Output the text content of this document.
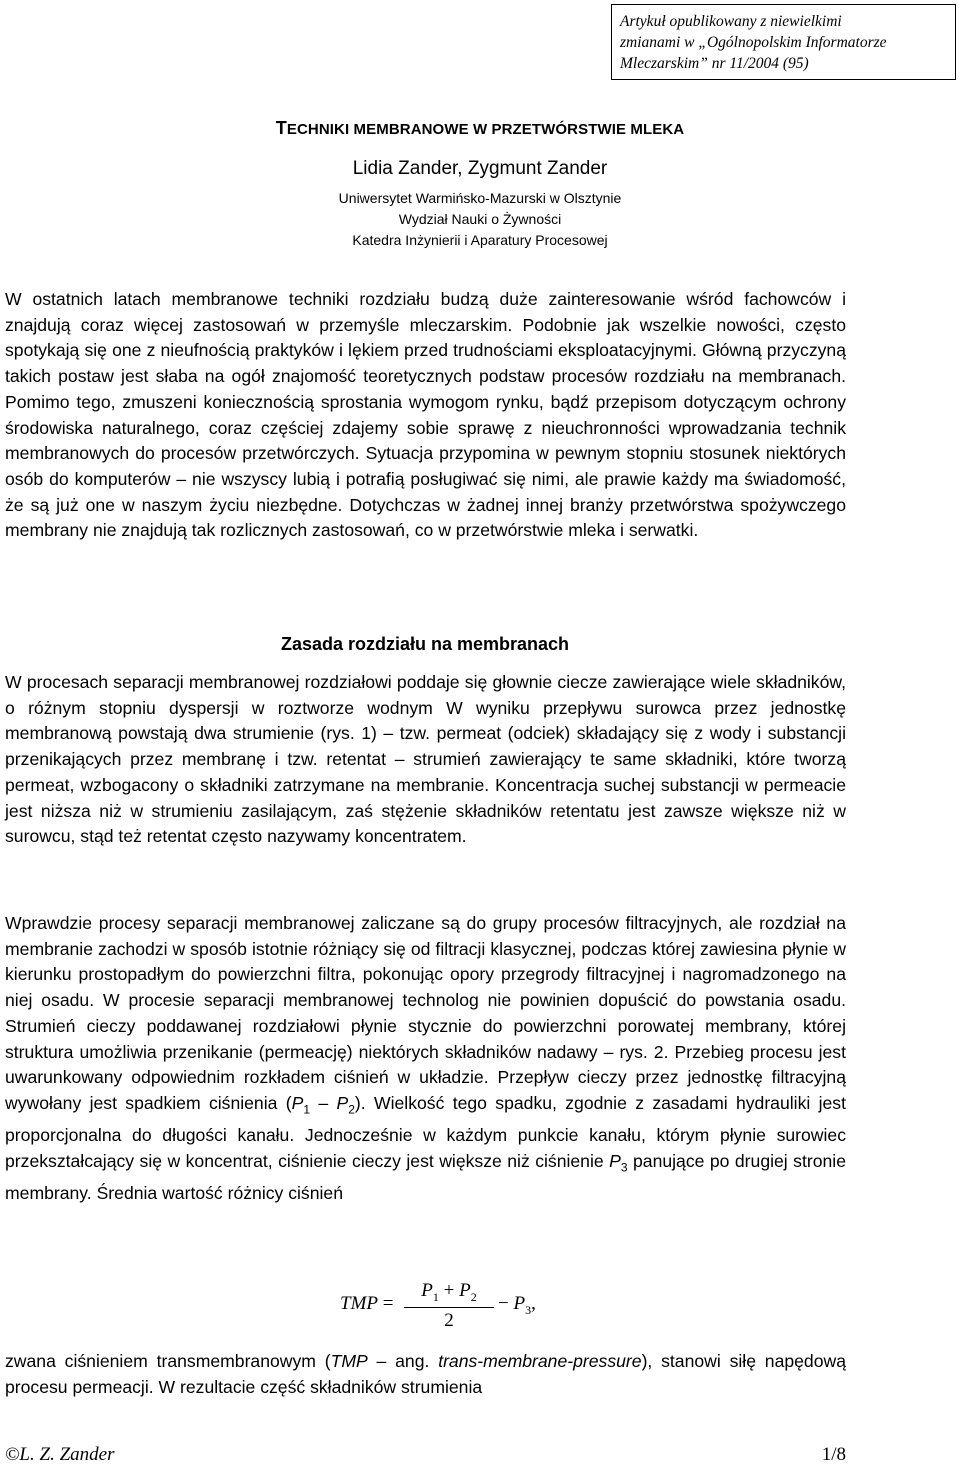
Artykuł opublikowany z niewielkimi
zmianami w „Ogólnopolskim Informatorze
Mleczarskim” nr 11/2004 (95)
TECHNIKI MEMBRANOWE W PRZETWÓRSTWIE MLEKA
Lidia Zander, Zygmunt Zander
Uniwersytet Warmińsko-Mazurski w Olsztynie
Wydział Nauki o Żywności
Katedra Inżynierii i Aparatury Procesowej

W ostatnich latach membranowe techniki rozdziału budzą duże zainteresowanie wśród fachowców i znajdują coraz więcej zastosowań w przemyśle mleczarskim. Podobnie jak wszelkie nowości, często spotykają się one z nieufnością praktyków i lękiem przed trudnościami eksploatacyjnymi. Główną przyczyną takich postaw jest słaba na ogół znajomość teoretycznych podstaw procesów rozdziału na membranach. Pomimo tego, zmuszeni koniecznością sprostania wymogom rynku, bądź przepisom dotyczącym ochrony środowiska naturalnego, coraz częściej zdajemy sobie sprawę z nieuchronności wprowadzania technik membranowych do procesów przetwórczych. Sytuacja przypomina w pewnym stopniu stosunek niektórych osób do komputerów – nie wszyscy lubią i potrafią posługiwać się nimi, ale prawie każdy ma świadomość, że są już one w naszym życiu niezbędne. Dotychczas w żadnej innej branży przetwórstwa spożywczego membrany nie znajdują tak rozlicznych zastosowań, co w przetwórstwie mleka i serwatki.

Zasada rozdziału na membranach

W procesach separacji membranowej rozdziałowi poddaje się głownie ciecze zawierające wiele składników, o różnym stopniu dyspersji w roztworze wodnym W wyniku przepływu surowca przez jednostkę membranową powstają dwa strumienie (rys. 1) – tzw. permeat (odciek) składający się z wody i substancji przenikających przez membranę i tzw. retentat – strumień zawierający te same składniki, które tworzą permeat, wzbogacony o składniki zatrzymane na membranie. Koncentracja suchej substancji w permeacie jest niższa niż w strumieniu zasilającym, zaś stężenie składników retentatu jest zawsze większe niż w surowcu, stąd też retentat często nazywamy koncentratem.

Wprawdzie procesy separacji membranowej zaliczane są do grupy procesów filtracyjnych, ale rozdział na membranie zachodzi w sposób istotnie różniący się od filtracji klasycznej, podczas której zawiesina płynie w kierunku prostopadłym do powierzchni filtra, pokonując opory przegrody filtracyjnej i nagromadzonego na niej osadu. W procesie separacji membranowej technolog nie powinien dopuścić do powstania osadu. Strumień cieczy poddawanej rozdziałowi płynie stycznie do powierzchni porowatej membrany, której struktura umożliwia przenikanie (permeację) niektórych składników nadawy – rys. 2. Przebieg procesu jest uwarunkowany odpowiednim rozkładem ciśnień w układzie. Przepływ cieczy przez jednostkę filtracyjną wywołany jest spadkiem ciśnienia $(P_1 - P_2)$. Wielkość tego spadku, zgodnie z zasadami hydrauliki jest proporcjonalna do długości kanału. Jednocześnie w każdym punkcie kanału, którym płynie surowiec przekształcający się w koncentrat, ciśnienie cieczy jest większe niż ciśnienie $P_3$ panujące po drugiej stronie membrany. Średnia wartość różnicy ciśnień

TMP =
$P_1 + P_2$
2
− $P_3$,

zwana ciśnieniem transmembranowym (TMP – ang. trans-membrane-pressure), stanowi siłę napędową procesu permeacji. W rezultacie część składników strumienia

©L. Z. Zander	1/8
